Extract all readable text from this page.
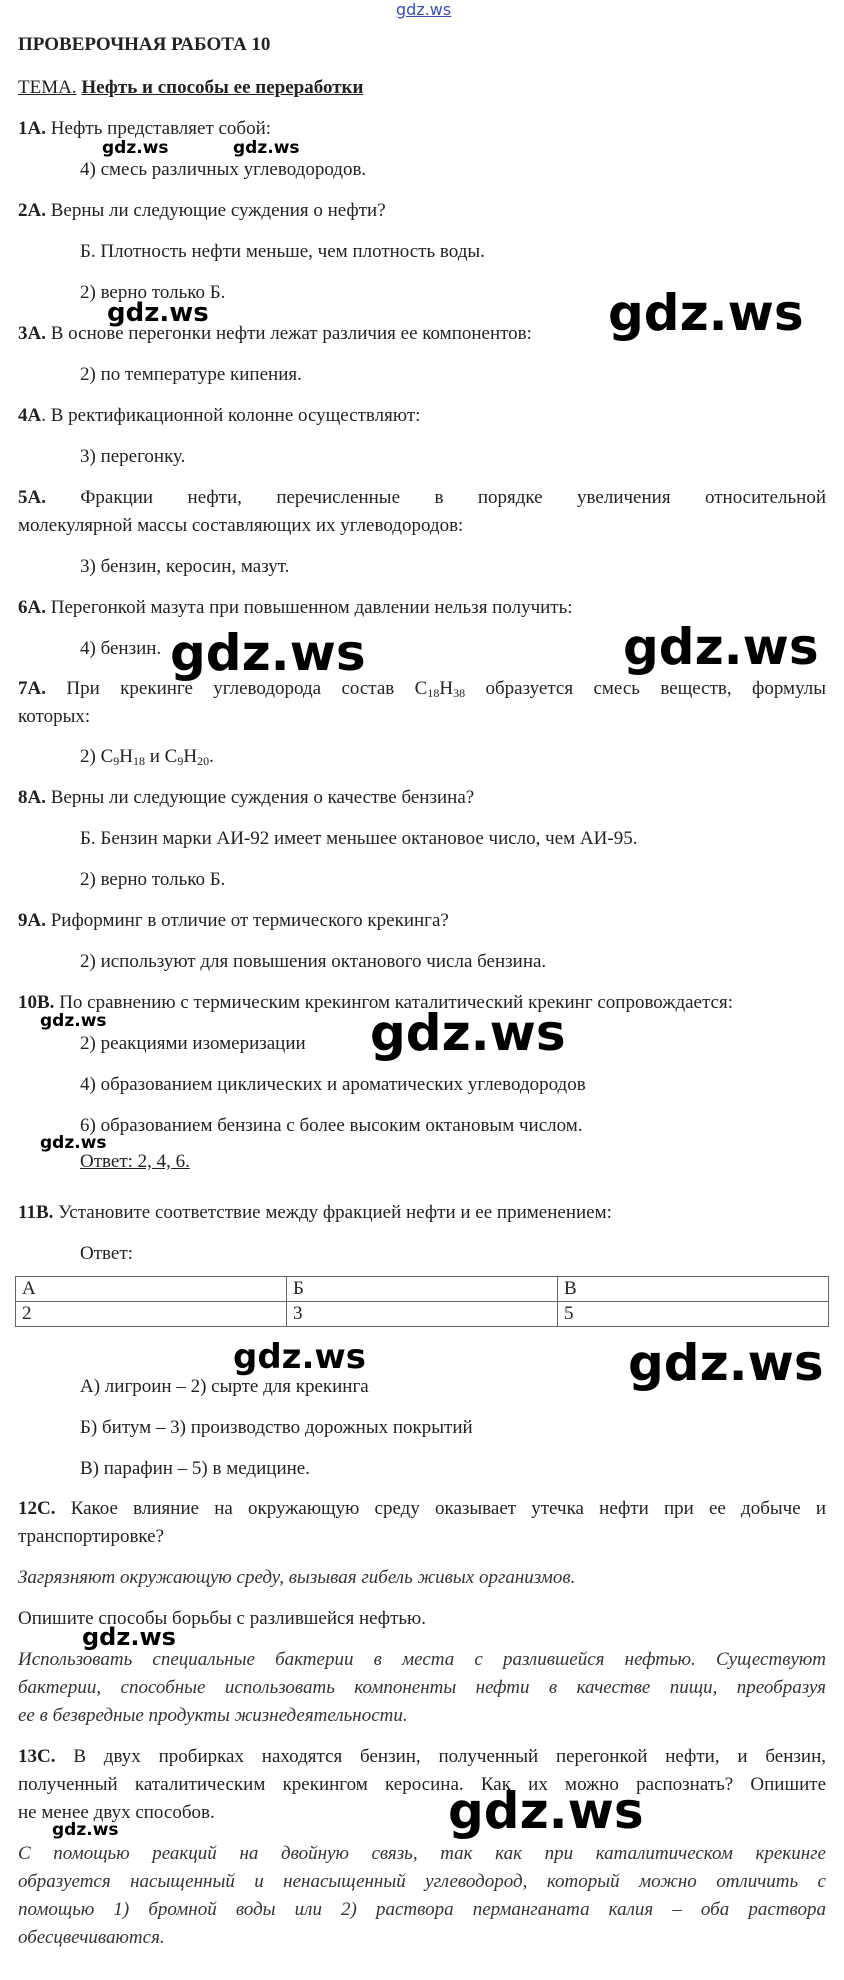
gdz.ws
ПРОВЕРОЧНАЯ РАБОТА 10
ТЕМА. Нефть и способы ее переработки
1А. Нефть представляет собой:
gdz.ws	gdz.ws
4) смесь различных углеводородов.
2А. Верны ли следующие суждения о нефти?
Б. Плотность нефти меньше, чем плотность воды.
2) верно только Б.
gdz.ws	gdz.ws
3А. В основе перегонки нефти лежат различия ее компонентов:
2) по температуре кипения.
4А. В ректификационной колонне осуществляют:
3) перегонку.
5А. Фракции нефти, перечисленные в порядке увеличения относительной
молекулярной массы составляющих их углеводородов:
3) бензин, керосин, мазут.
6А. Перегонкой мазута при повышенном давлении нельзя получить:
4) бензин. gdz.ws	gdz.ws
7А. При крекинге углеводорода состав $C_{18}H_{38}$ образуется смесь веществ, формулы
которых:
2) $C_9H_{18}$ и $C_9H_{20}$.
8А. Верны ли следующие суждения о качестве бензина?
Б. Бензин марки АИ-92 имеет меньшее октановое число, чем АИ-95.
2) верно только Б.
9А. Риформинг в отличие от термического крекинга?
2) используют для повышения октанового числа бензина.
10В. По сравнению с термическим крекингом каталитический крекинг сопровождается:
gdz.ws
2) реакциями изомеризации	gdz.ws
4) образованием циклических и ароматических углеводородов
6) образованием бензина с более высоким октановым числом.
gdz.ws
Ответ: 2, 4, 6.
11В. Установите соответствие между фракцией нефти и ее применением:
Ответ:
А	Б	В
2	3	5
gdz.ws	gdz.ws
А) лигроин – 2) сырте для крекинга
Б) битум – 3) производство дорожных покрытий
В) парафин – 5) в медицине.
12С. Какое влияние на окружающую среду оказывает утечка нефти при ее добыче и
транспортировке?
Загрязняют окружающую среду, вызывая гибель живых организмов.
Опишите способы борьбы с разлившейся нефтью.
gdz.ws
Использовать специальные бактерии в места с разлившейся нефтью. Существуют
бактерии, способные использовать компоненты нефти в качестве пищи, преобразуя
ее в безвредные продукты жизнедеятельности.
13С. В двух пробирках находятся бензин, полученный перегонкой нефти, и бензин,
полученный каталитическим крекингом керосина. Как их можно распознать? Опишите
не менее двух способов.	gdz.ws
gdz.ws
С помощью реакций на двойную связь, так как при каталитическом крекинге
образуется насыщенный и ненасыщенный углеводород, который можно отличить с
помощью 1) бромной воды или 2) раствора перманганата калия – оба раствора
обесцвечиваются.
